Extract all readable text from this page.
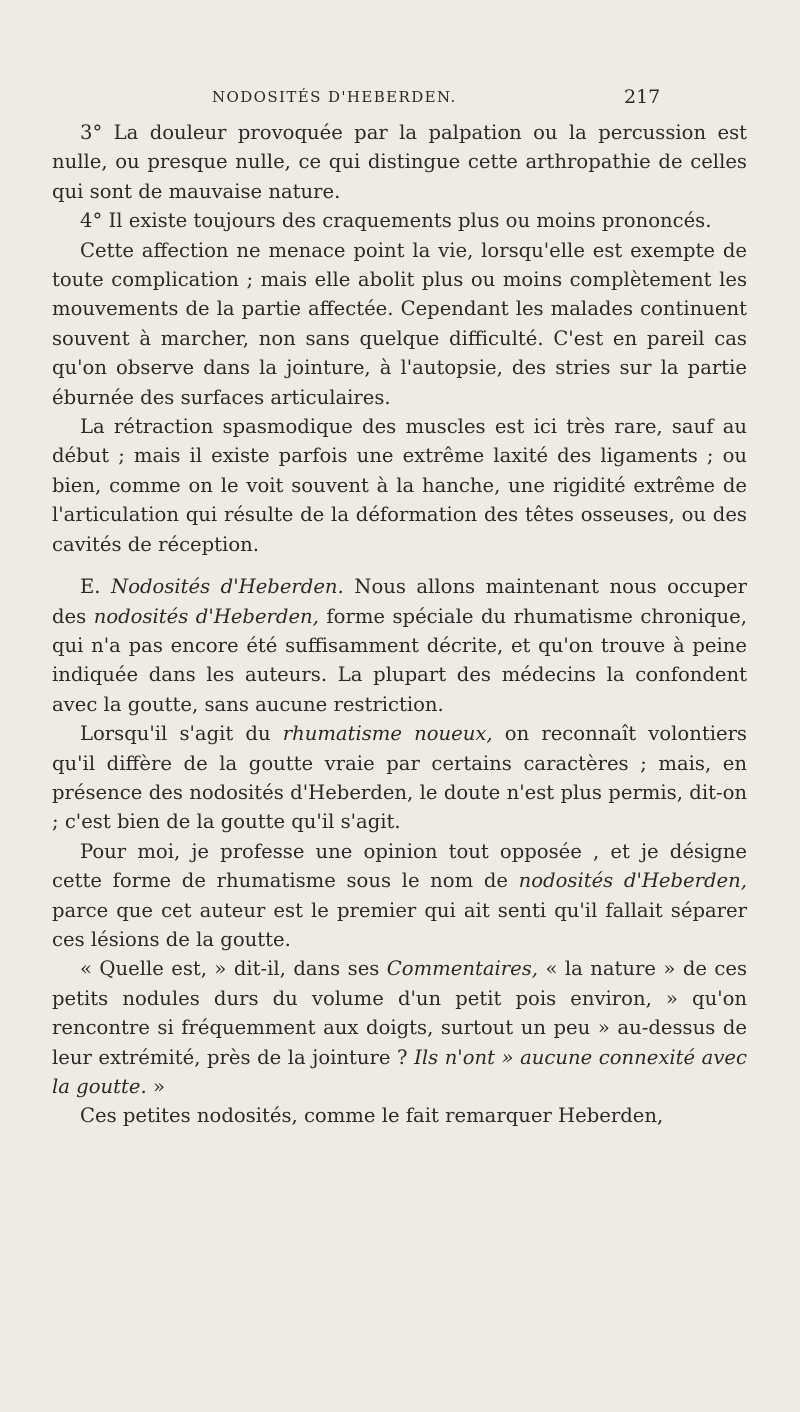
NODOSITÉS D'HEBERDEN.	217

3° La douleur provoquée par la palpation ou la percussion est nulle, ou presque nulle, ce qui distingue cette arthropathie de celles qui sont de mauvaise nature.

4° Il existe toujours des craquements plus ou moins prononcés.

Cette affection ne menace point la vie, lorsqu'elle est exempte de toute complication ; mais elle abolit plus ou moins complètement les mouvements de la partie affectée. Cependant les malades continuent souvent à marcher, non sans quelque difficulté. C'est en pareil cas qu'on observe dans la jointure, à l'autopsie, des stries sur la partie éburnée des surfaces articulaires.

La rétraction spasmodique des muscles est ici très rare, sauf au début ; mais il existe parfois une extrême laxité des ligaments ; ou bien, comme on le voit souvent à la hanche, une rigidité extrême de l'articulation qui résulte de la déformation des têtes osseuses, ou des cavités de réception.

E. Nodosités d'Heberden. Nous allons maintenant nous occuper des nodosités d'Heberden, forme spéciale du rhumatisme chronique, qui n'a pas encore été suffisamment décrite, et qu'on trouve à peine indiquée dans les auteurs. La plupart des médecins la confondent avec la goutte, sans aucune restriction.

Lorsqu'il s'agit du rhumatisme noueux, on reconnaît volontiers qu'il diffère de la goutte vraie par certains caractères ; mais, en présence des nodosités d'Heberden, le doute n'est plus permis, dit-on ; c'est bien de la goutte qu'il s'agit.

Pour moi, je professe une opinion tout opposée , et je désigne cette forme de rhumatisme sous le nom de nodosités d'Heberden, parce que cet auteur est le premier qui ait senti qu'il fallait séparer ces lésions de la goutte.

« Quelle est, » dit-il, dans ses Commentaires, « la nature » de ces petits nodules durs du volume d'un petit pois environ, » qu'on rencontre si fréquemment aux doigts, surtout un peu » au-dessus de leur extrémité, près de la jointure ? Ils n'ont » aucune connexité avec la goutte. »

Ces petites nodosités, comme le fait remarquer Heberden,
